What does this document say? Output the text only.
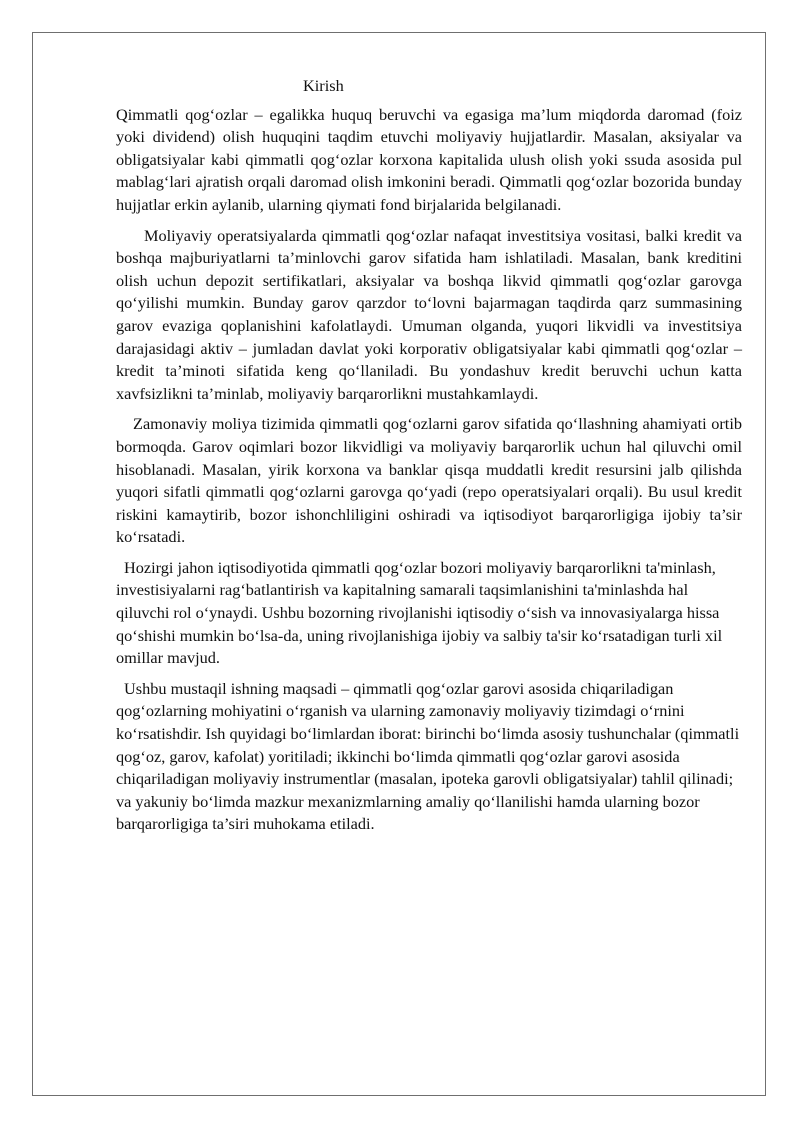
Kirish

Qimmatli qog‘ozlar – egalikka huquq beruvchi va egasiga ma’lum miqdorda daromad (foiz yoki dividend) olish huquqini taqdim etuvchi moliyaviy hujjatlardir. Masalan, aksiyalar va obligatsiyalar kabi qimmatli qog‘ozlar korxona kapitalida ulush olish yoki ssuda asosida pul mablag‘lari ajratish orqali daromad olish imkonini beradi. Qimmatli qog‘ozlar bozorida bunday hujjatlar erkin aylanib, ularning qiymati fond birjalarida belgilanadi.

Moliyaviy operatsiyalarda qimmatli qog‘ozlar nafaqat investitsiya vositasi, balki kredit va boshqa majburiyatlarni ta’minlovchi garov sifatida ham ishlatiladi. Masalan, bank kreditini olish uchun depozit sertifikatlari, aksiyalar va boshqa likvid qimmatli qog‘ozlar garovga qo‘yilishi mumkin. Bunday garov qarzdor to‘lovni bajarmagan taqdirda qarz summasining garov evaziga qoplanishini kafolatlaydi. Umuman olganda, yuqori likvidli va investitsiya darajasidagi aktiv – jumladan davlat yoki korporativ obligatsiyalar kabi qimmatli qog‘ozlar – kredit ta’minoti sifatida keng qo‘llaniladi. Bu yondashuv kredit beruvchi uchun katta xavfsizlikni ta’minlab, moliyaviy barqarorlikni mustahkamlaydi.

Zamonaviy moliya tizimida qimmatli qog‘ozlarni garov sifatida qo‘llashning ahamiyati ortib bormoqda. Garov oqimlari bozor likvidligi va moliyaviy barqarorlik uchun hal qiluvchi omil hisoblanadi. Masalan, yirik korxona va banklar qisqa muddatli kredit resursini jalb qilishda yuqori sifatli qimmatli qog‘ozlarni garovga qo‘yadi (repo operatsiyalari orqali). Bu usul kredit riskini kamaytirib, bozor ishonchliligini oshiradi va iqtisodiyot barqarorligiga ijobiy ta’sir ko‘rsatadi.

Hozirgi jahon iqtisodiyotida qimmatli qog‘ozlar bozori moliyaviy barqarorlikni ta'minlash, investisiyalarni rag‘batlantirish va kapitalning samarali taqsimlanishini ta'minlashda hal qiluvchi rol o‘ynaydi. Ushbu bozorning rivojlanishi iqtisodiy o‘sish va innovasiyalarga hissa qo‘shishi mumkin bo‘lsa-da, uning rivojlanishiga ijobiy va salbiy ta'sir ko‘rsatadigan turli xil omillar mavjud.

Ushbu mustaqil ishning maqsadi – qimmatli qog‘ozlar garovi asosida chiqariladigan qog‘ozlarning mohiyatini o‘rganish va ularning zamonaviy moliyaviy tizimdagi o‘rnini ko‘rsatishdir. Ish quyidagi bo‘limlardan iborat: birinchi bo‘limda asosiy tushunchalar (qimmatli qog‘oz, garov, kafolat) yoritiladi; ikkinchi bo‘limda qimmatli qog‘ozlar garovi asosida chiqariladigan moliyaviy instrumentlar (masalan, ipoteka garovli obligatsiyalar) tahlil qilinadi; va yakuniy bo‘limda mazkur mexanizmlarning amaliy qo‘llanilishi hamda ularning bozor barqarorligiga ta’siri muhokama etiladi.
